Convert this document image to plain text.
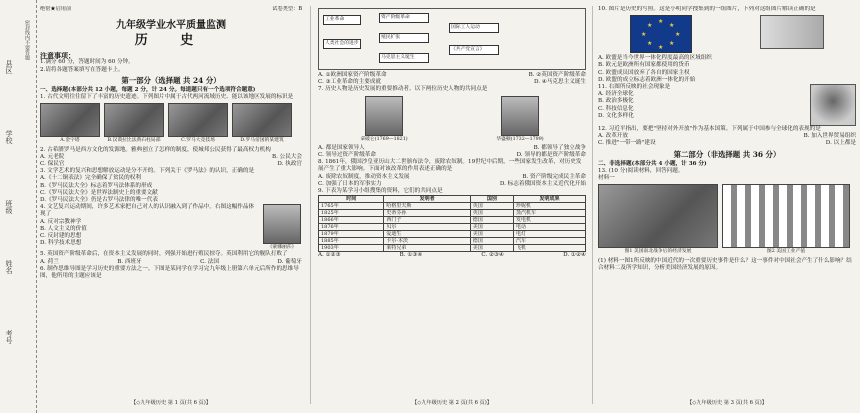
县区
学校
班级
姓名
考号
密封线内不要答题
绝密★启用前	试卷类型：B
九年级学业水平质量监测
历 史
注意事项：

1.满分 60 分，答题时间为 60 分钟。

2.请将各题答案填写在答题卡上。

第一部分（选择题 共 24 分）

一、选择题(本部分共 12 小题，每题 2 分，计 24 分。每道题只有一个选项符合题意)

1. 古代文明往往留下了丰富的历史遗迹。下列图片中属于古代两河流域历史、能以该地区发展的标识是

A.金字塔	B.汉谟拉比法典石柱局部	C.罗马大竞技场	D.罗马帝国的某建筑

2. 古希腊罗马是西方文化的发源地。雅典创立了怎样的制度，使城邦公民获得了最高权力机构

A. 元老院	B. 公民大会
C. 保民官	D. 执政官

3. 文学艺术的复兴和思想解放运动是分不开的。下列关于《罗马法》的认识，正确的是

A.《十二铜表法》完全确保了贫民的权利

B.《罗马民法大全》标志着罗马法体系的形成

C.《罗马民法大全》是世界法制史上的重要文献

D.《罗马民法大全》仍是古罗马法律的唯一代表

4. 文艺复兴运动期间，许多艺术家把自己对人的认识融入到了作品中。右图这幅作品体现了

A. 反对宗教神学

B. 人文主义的价值

C. 反封建的思想

D. 科学技术思想

《蒙娜丽莎》

5. 英国资产阶级革命后，在资本主义发展的同时，列强开始进行殖民掠夺。英国利用它的舰队打败了

A. 荷兰	B. 西班牙	C. 法国	D. 葡萄牙

6. 制作思维导图是学习历史的重要方法之一。下图是某同学在学习完九年级上册第六单元后所作的思维导图，他所用的主题应该是

【◇九年级历史 第 1 页(共 6 页)】
工业革命
人类社会的进步
资产阶级革命
殖民扩张
马克思主义诞生
国际工人运动
《共产党宣言》
A. ①欧洲国家资产阶级革命	B. ②英国资产阶级革命
C. ③工业革命的主要成就	D. ④马克思主义诞生

7. 历史人物是历史发展的重要推动者。以下两位历史人物的共同点是

拿破仑(1769—1821)	华盛顿(1732—1799)
A. 都是国家领导人	B. 都领导了独立战争
C. 领导过资产阶级革命	D. 领导的都是资产阶级革命

8. 1861年，俄国沙皇亚历山大二世颁布法令，废除农奴制。19世纪中后期，一些国家发生改革，对历史发展产生了重大影响。下面对该改革的作用表述正确的是

A. 废除农奴制度，推动资本主义发展	B. 资产阶级完成民主革命
C. 加强了日本的军事实力	D. 标志着俄国资本主义近代化开始

9. 下表为某学习小组搜集的资料，它们的共同点是

时间	发明者	国别	发明成果
1765年	哈格里夫斯	英国	珍妮机
1825年	史蒂芬孙	英国	蒸汽机车
1866年	西门子	德国	发电机
1876年	贝尔	美国	电话
1879年	爱迪生	美国	电灯
1885年	卡尔·本茨	德国	汽车
1903年	莱特兄弟	美国	飞机
A. ①②③	B. ①③④	C. ②③④	D. ①②④
【◇九年级历史 第 2 页(共 6 页)】

10. 图片是历史的写照。这是小明同学搜集到的一组图片，下列对这组图片解读正确的是

★
★
★
★
★
★
★
★

A. 欧盟是当今世界一体化程度最高的区域组织

B. 欧元是欧洲所有国家都使用的货币

C. 欧盟成员国放弃了各自的国家主权

D. 欧盟的成立标志着欧洲一体化的开始

11. 右图所反映的社会现象是

A. 经济全球化

B. 政治多极化

C. 科技信息化

D. 文化多样化

12. 习近平指出，要把"坚持对外开放"作为基本国策。下列属于中国参与全球化的表现的是

A. 改革开放	B. 加入世界贸易组织
C. 推进"一带一路"建设	D. 以上都是
第二部分（非选择题 共 36 分）

二、非选择题(本部分共 4 小题，计 36 分)

13. (10 分)阅读材料，回答问题。

材料一

图1 美国南北战争后的经济发展	图2 美国工业产值

(1) 材料一图1所反映的中国近代的一次重要历史事件是什么？这一事件对中国社会产生了什么影响？结合材料二及所学知识，分析美国经济发展的原因。

【◇九年级历史 第 3 页(共 6 页)】
